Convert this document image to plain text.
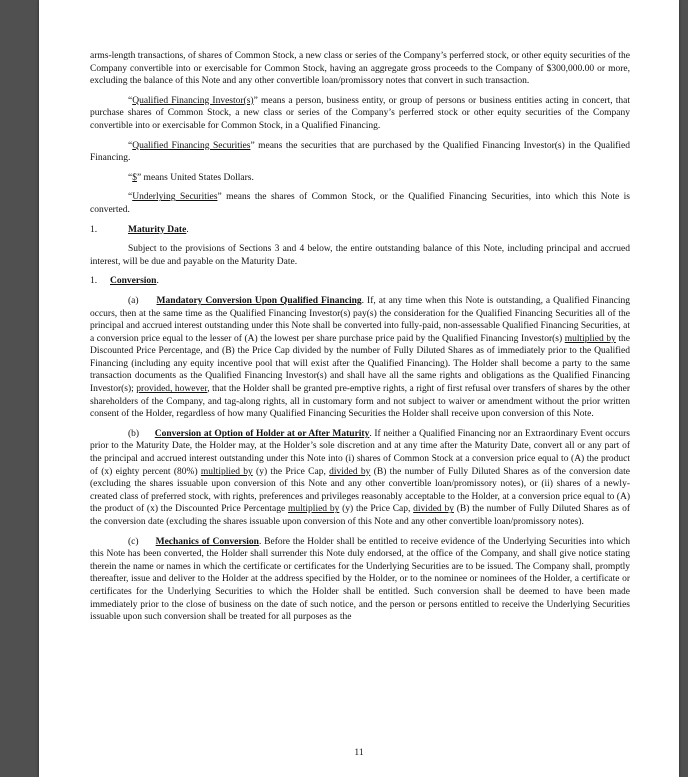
arms-length transactions, of shares of Common Stock, a new class or series of the Company’s perferred stock, or other equity securities of the Company convertible into or exercisable for Common Stock, having an aggregate gross proceeds to the Company of $300,000.00 or more, excluding the balance of this Note and any other convertible loan/promissory notes that convert in such transaction.

“Qualified Financing Investor(s)” means a person, business entity, or group of persons or business entities acting in concert, that purchase shares of Common Stock, a new class or series of the Company’s perferred stock or other equity securities of the Company convertible into or exercisable for Common Stock, in a Qualified Financing.

“Qualified Financing Securities” means the securities that are purchased by the Qualified Financing Investor(s) in the Qualified Financing.

“$” means United States Dollars.

“Underlying Securities” means the shares of Common Stock, or the Qualified Financing Securities, into which this Note is converted.

1.	Maturity Date.

Subject to the provisions of Sections 3 and 4 below, the entire outstanding balance of this Note, including principal and accrued interest, will be due and payable on the Maturity Date.

1. Conversion.

(a) Mandatory Conversion Upon Qualified Financing. If, at any time when this Note is outstanding, a Qualified Financing occurs, then at the same time as the Qualified Financing Investor(s) pay(s) the consideration for the Qualified Financing Securities all of the principal and accrued interest outstanding under this Note shall be converted into fully-paid, non-assessable Qualified Financing Securities, at a conversion price equal to the lesser of (A) the lowest per share purchase price paid by the Qualified Financing Investor(s) multiplied by the Discounted Price Percentage, and (B) the Price Cap divided by the number of Fully Diluted Shares as of immediately prior to the Qualified Financing (including any equity incentive pool that will exist after the Qualified Financing). The Holder shall become a party to the same transaction documents as the Qualified Financing Investor(s) and shall have all the same rights and obligations as the Qualified Financing Investor(s); provided, however, that the Holder shall be granted pre-emptive rights, a right of first refusal over transfers of shares by the other shareholders of the Company, and tag-along rights, all in customary form and not subject to waiver or amendment without the prior written consent of the Holder, regardless of how many Qualified Financing Securities the Holder shall receive upon conversion of this Note.

(b) Conversion at Option of Holder at or After Maturity. If neither a Qualified Financing nor an Extraordinary Event occurs prior to the Maturity Date, the Holder may, at the Holder’s sole discretion and at any time after the Maturity Date, convert all or any part of the principal and accrued interest outstanding under this Note into (i) shares of Common Stock at a conversion price equal to (A) the product of (x) eighty percent (80%) multiplied by (y) the Price Cap, divided by (B) the number of Fully Diluted Shares as of the conversion date (excluding the shares issuable upon conversion of this Note and any other convertible loan/promissory notes), or (ii) shares of a newly-created class of preferred stock, with rights, preferences and privileges reasonably acceptable to the Holder, at a conversion price equal to (A) the product of (x) the Discounted Price Percentage multiplied by (y) the Price Cap, divided by (B) the number of Fully Diluted Shares as of the conversion date (excluding the shares issuable upon conversion of this Note and any other convertible loan/promissory notes).

(c) Mechanics of Conversion. Before the Holder shall be entitled to receive evidence of the Underlying Securities into which this Note has been converted, the Holder shall surrender this Note duly endorsed, at the office of the Company, and shall give notice stating therein the name or names in which the certificate or certificates for the Underlying Securities are to be issued. The Company shall, promptly thereafter, issue and deliver to the Holder at the address specified by the Holder, or to the nominee or nominees of the Holder, a certificate or certificates for the Underlying Securities to which the Holder shall be entitled. Such conversion shall be deemed to have been made immediately prior to the close of business on the date of such notice, and the person or persons entitled to receive the Underlying Securities issuable upon such conversion shall be treated for all purposes as the

11
